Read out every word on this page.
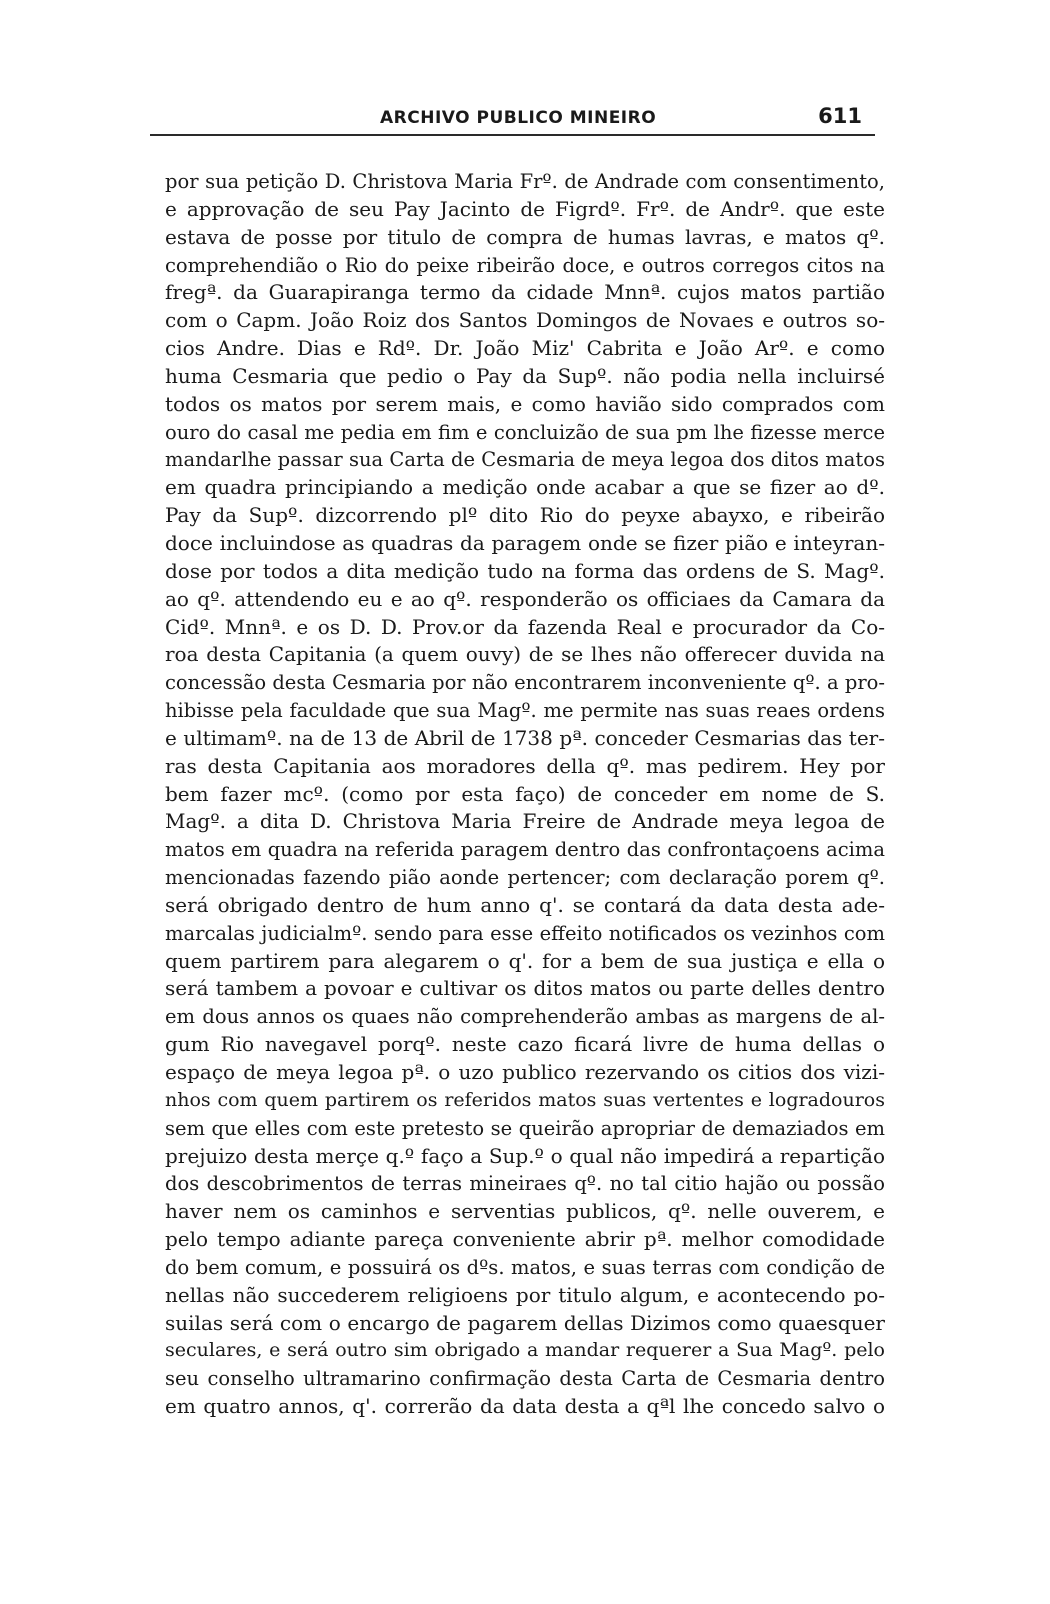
ARCHIVO PUBLICO MINEIRO	611
por sua petição D. Christova Maria Frº. de Andrade com consentimento,
e approvação de seu Pay Jacinto de Figrdº. Frº. de Andrº. que este
estava de posse por titulo de compra de humas lavras, e matos qº.
comprehendião o Rio do peixe ribeirão doce, e outros corregos citos na
fregª. da Guarapiranga termo da cidade Mnnª. cujos matos partião
com o Capm. João Roiz dos Santos Domingos de Novaes e outros so-
cios Andre. Dias e Rdº. Dr. João Miz' Cabrita e João Arº. e como
huma Cesmaria que pedio o Pay da Supº. não podia nella incluirsé
todos os matos por serem mais, e como havião sido comprados com
ouro do casal me pedia em fim e concluizão de sua pm lhe fizesse merce
mandarlhe passar sua Carta de Cesmaria de meya legoa dos ditos matos
em quadra principiando a medição onde acabar a que se fizer ao dº.
Pay da Supº. dizcorrendo plº dito Rio do peyxe abayxo, e ribeirão
doce incluindose as quadras da paragem onde se fizer pião e inteyran-
dose por todos a dita medição tudo na forma das ordens de S. Magº.
ao qº. attendendo eu e ao qº. responderão os officiaes da Camara da
Cidº. Mnnª. e os D. D. Prov.or da fazenda Real e procurador da Co-
roa desta Capitania (a quem ouvy) de se lhes não offerecer duvida na
concessão desta Cesmaria por não encontrarem inconveniente qº. a pro-
hibisse pela faculdade que sua Magº. me permite nas suas reaes ordens
e ultimamº. na de 13 de Abril de 1738 pª. conceder Cesmarias das ter-
ras desta Capitania aos moradores della qº. mas pedirem. Hey por
bem fazer mcº. (como por esta faço) de conceder em nome de S.
Magº. a dita D. Christova Maria Freire de Andrade meya legoa de
matos em quadra na referida paragem dentro das confrontaçoens acima
mencionadas fazendo pião aonde pertencer; com declaração porem qº.
será obrigado dentro de hum anno q'. se contará da data desta ade-
marcalas judicialmº. sendo para esse effeito notificados os vezinhos com
quem partirem para alegarem o q'. for a bem de sua justiça e ella o
será tambem a povoar e cultivar os ditos matos ou parte delles dentro
em dous annos os quaes não comprehenderão ambas as margens de al-
gum Rio navegavel porqº. neste cazo ficará livre de huma dellas o
espaço de meya legoa pª. o uzo publico rezervando os citios dos vizi-
nhos com quem partirem os referidos matos suas vertentes e logradouros
sem que elles com este pretesto se queirão apropriar de demaziados em
prejuizo desta merçe q.º faço a Sup.º o qual não impedirá a repartição
dos descobrimentos de terras mineiraes qº. no tal citio hajão ou possão
haver nem os caminhos e serventias publicos, qº. nelle ouverem, e
pelo tempo adiante pareça conveniente abrir pª. melhor comodidade
do bem comum, e possuirá os dºs. matos, e suas terras com condição de
nellas não succederem religioens por titulo algum, e acontecendo po-
suilas será com o encargo de pagarem dellas Dizimos como quaesquer
seculares, e será outro sim obrigado a mandar requerer a Sua Magº. pelo
seu conselho ultramarino confirmação desta Carta de Cesmaria dentro
em quatro annos, q'. correrão da data desta a qªl lhe concedo salvo o
